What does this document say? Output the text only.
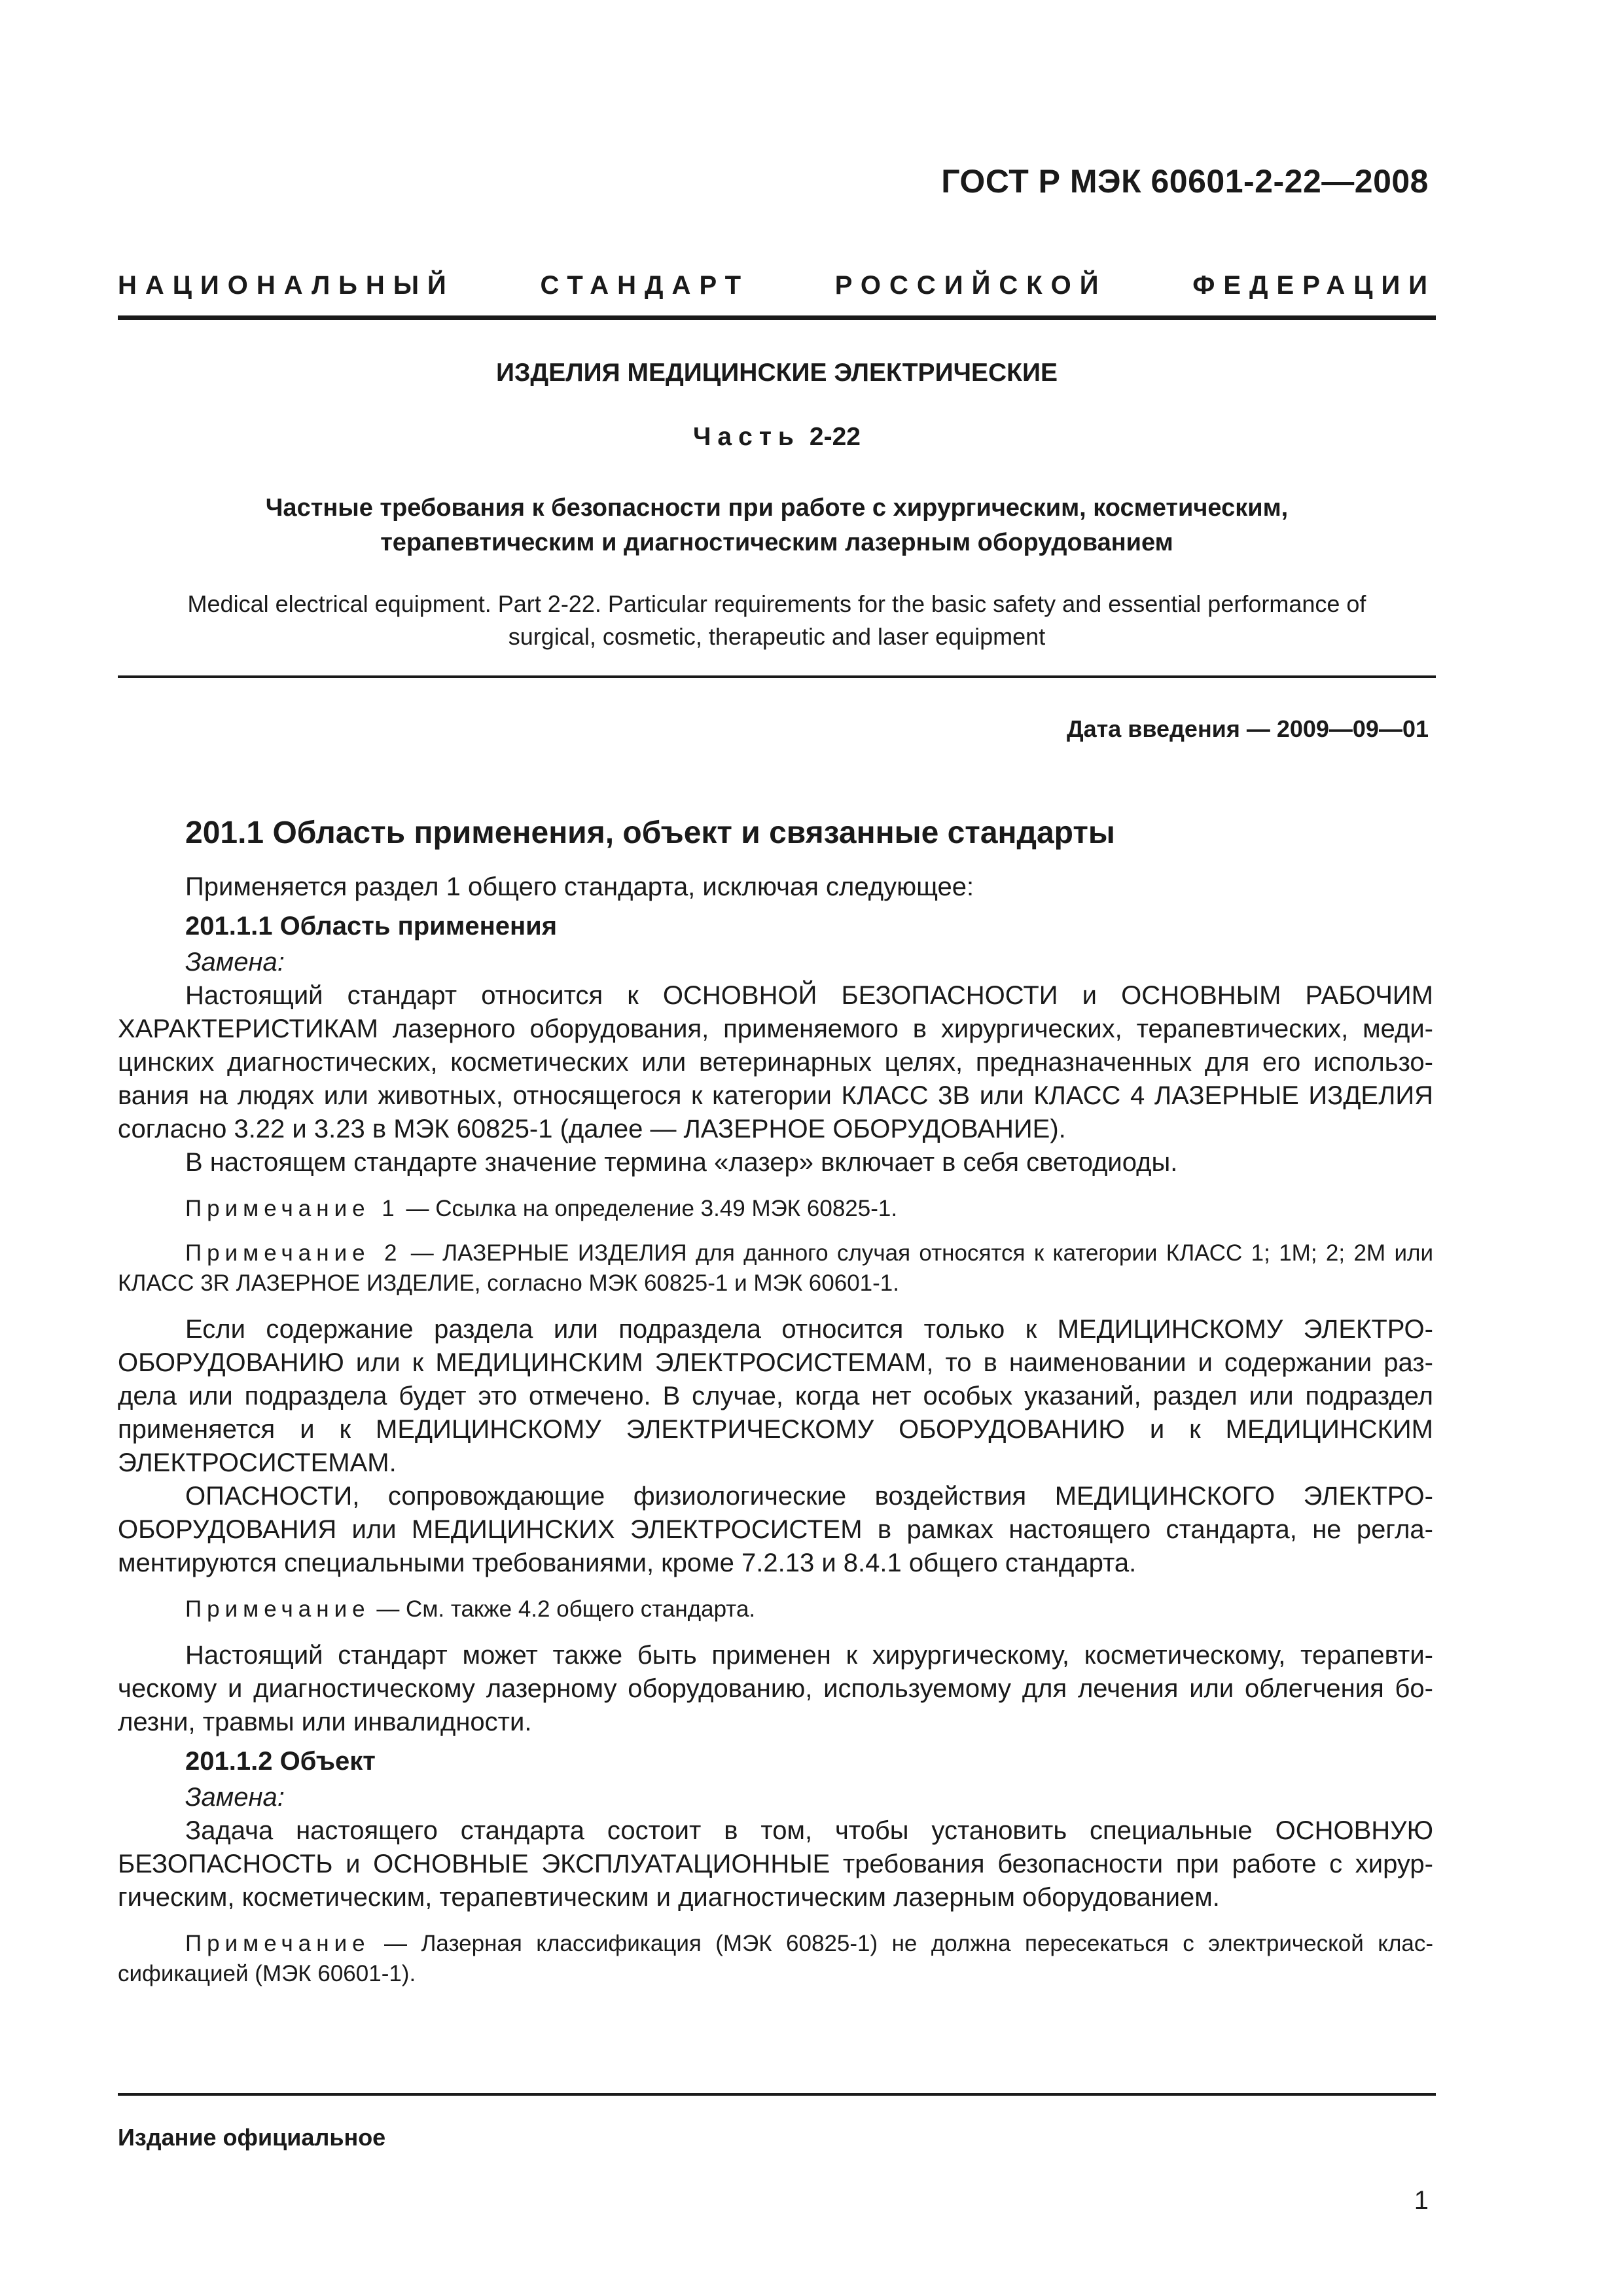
ГОСТ Р МЭК 60601-2-22—2008
НАЦИОНАЛЬНЫЙ СТАНДАРТ РОССИЙСКОЙ ФЕДЕРАЦИИ
ИЗДЕЛИЯ МЕДИЦИНСКИЕ ЭЛЕКТРИЧЕСКИЕ
Часть 2-22
Частные требования к безопасности при работе с хирургическим, косметическим,
терапевтическим и диагностическим лазерным оборудованием
Medical electrical equipment. Part 2-22. Particular requirements for the basic safety and essential performance of
surgical, cosmetic, therapeutic and laser equipment
Дата введения — 2009—09—01
201.1 Область применения, объект и связанные стандарты

Применяется раздел 1 общего стандарта, исключая следующее:

201.1.1 Область применения

Замена:

Настоящий стандарт относится к ОСНОВНОЙ БЕЗОПАСНОСТИ и ОСНОВНЫМ РАБОЧИМ ХАРАКТЕРИСТИКАМ лазерного оборудования, применяемого в хирургических, терапевтических, медицинских диагностических, косметических или ветеринарных целях, предназначенных для его использования на людях или животных, относящегося к категории КЛАСС 3В или КЛАСС 4 ЛАЗЕРНЫЕ ИЗДЕЛИЯ согласно 3.22 и 3.23 в МЭК 60825-1 (далее — ЛАЗЕРНОЕ ОБОРУДОВАНИЕ).

В настоящем стандарте значение термина «лазер» включает в себя светодиоды.

Примечание 1 — Ссылка на определение 3.49 МЭК 60825-1.

Примечание 2 — ЛАЗЕРНЫЕ ИЗДЕЛИЯ для данного случая относятся к категории КЛАСС 1; 1М; 2; 2М или КЛАСС 3R ЛАЗЕРНОЕ ИЗДЕЛИЕ, согласно МЭК 60825-1 и МЭК 60601-1.

Если содержание раздела или подраздела относится только к МЕДИЦИНСКОМУ ЭЛЕКТРООБОРУДОВАНИЮ или к МЕДИЦИНСКИМ ЭЛЕКТРОСИСТЕМАМ, то в наименовании и содержании раздела или подраздела будет это отмечено. В случае, когда нет особых указаний, раздел или подраздел применяется и к МЕДИЦИНСКОМУ ЭЛЕКТРИЧЕСКОМУ ОБОРУДОВАНИЮ и к МЕДИЦИНСКИМ ЭЛЕКТРОСИСТЕМАМ.

ОПАСНОСТИ, сопровождающие физиологические воздействия МЕДИЦИНСКОГО ЭЛЕКТРООБОРУДОВАНИЯ или МЕДИЦИНСКИХ ЭЛЕКТРОСИСТЕМ в рамках настоящего стандарта, не регламентируются специальными требованиями, кроме 7.2.13 и 8.4.1 общего стандарта.

Примечание — См. также 4.2 общего стандарта.

Настоящий стандарт может также быть применен к хирургическому, косметическому, терапевтическому и диагностическому лазерному оборудованию, используемому для лечения или облегчения болезни, травмы или инвалидности.

201.1.2 Объект

Замена:

Задача настоящего стандарта состоит в том, чтобы установить специальные ОСНОВНУЮ БЕЗОПАСНОСТЬ и ОСНОВНЫЕ ЭКСПЛУАТАЦИОННЫЕ требования безопасности при работе с хирургическим, косметическим, терапевтическим и диагностическим лазерным оборудованием.

Примечание — Лазерная классификация (МЭК 60825-1) не должна пересекаться с электрической классификацией (МЭК 60601-1).

Издание официальное
1
